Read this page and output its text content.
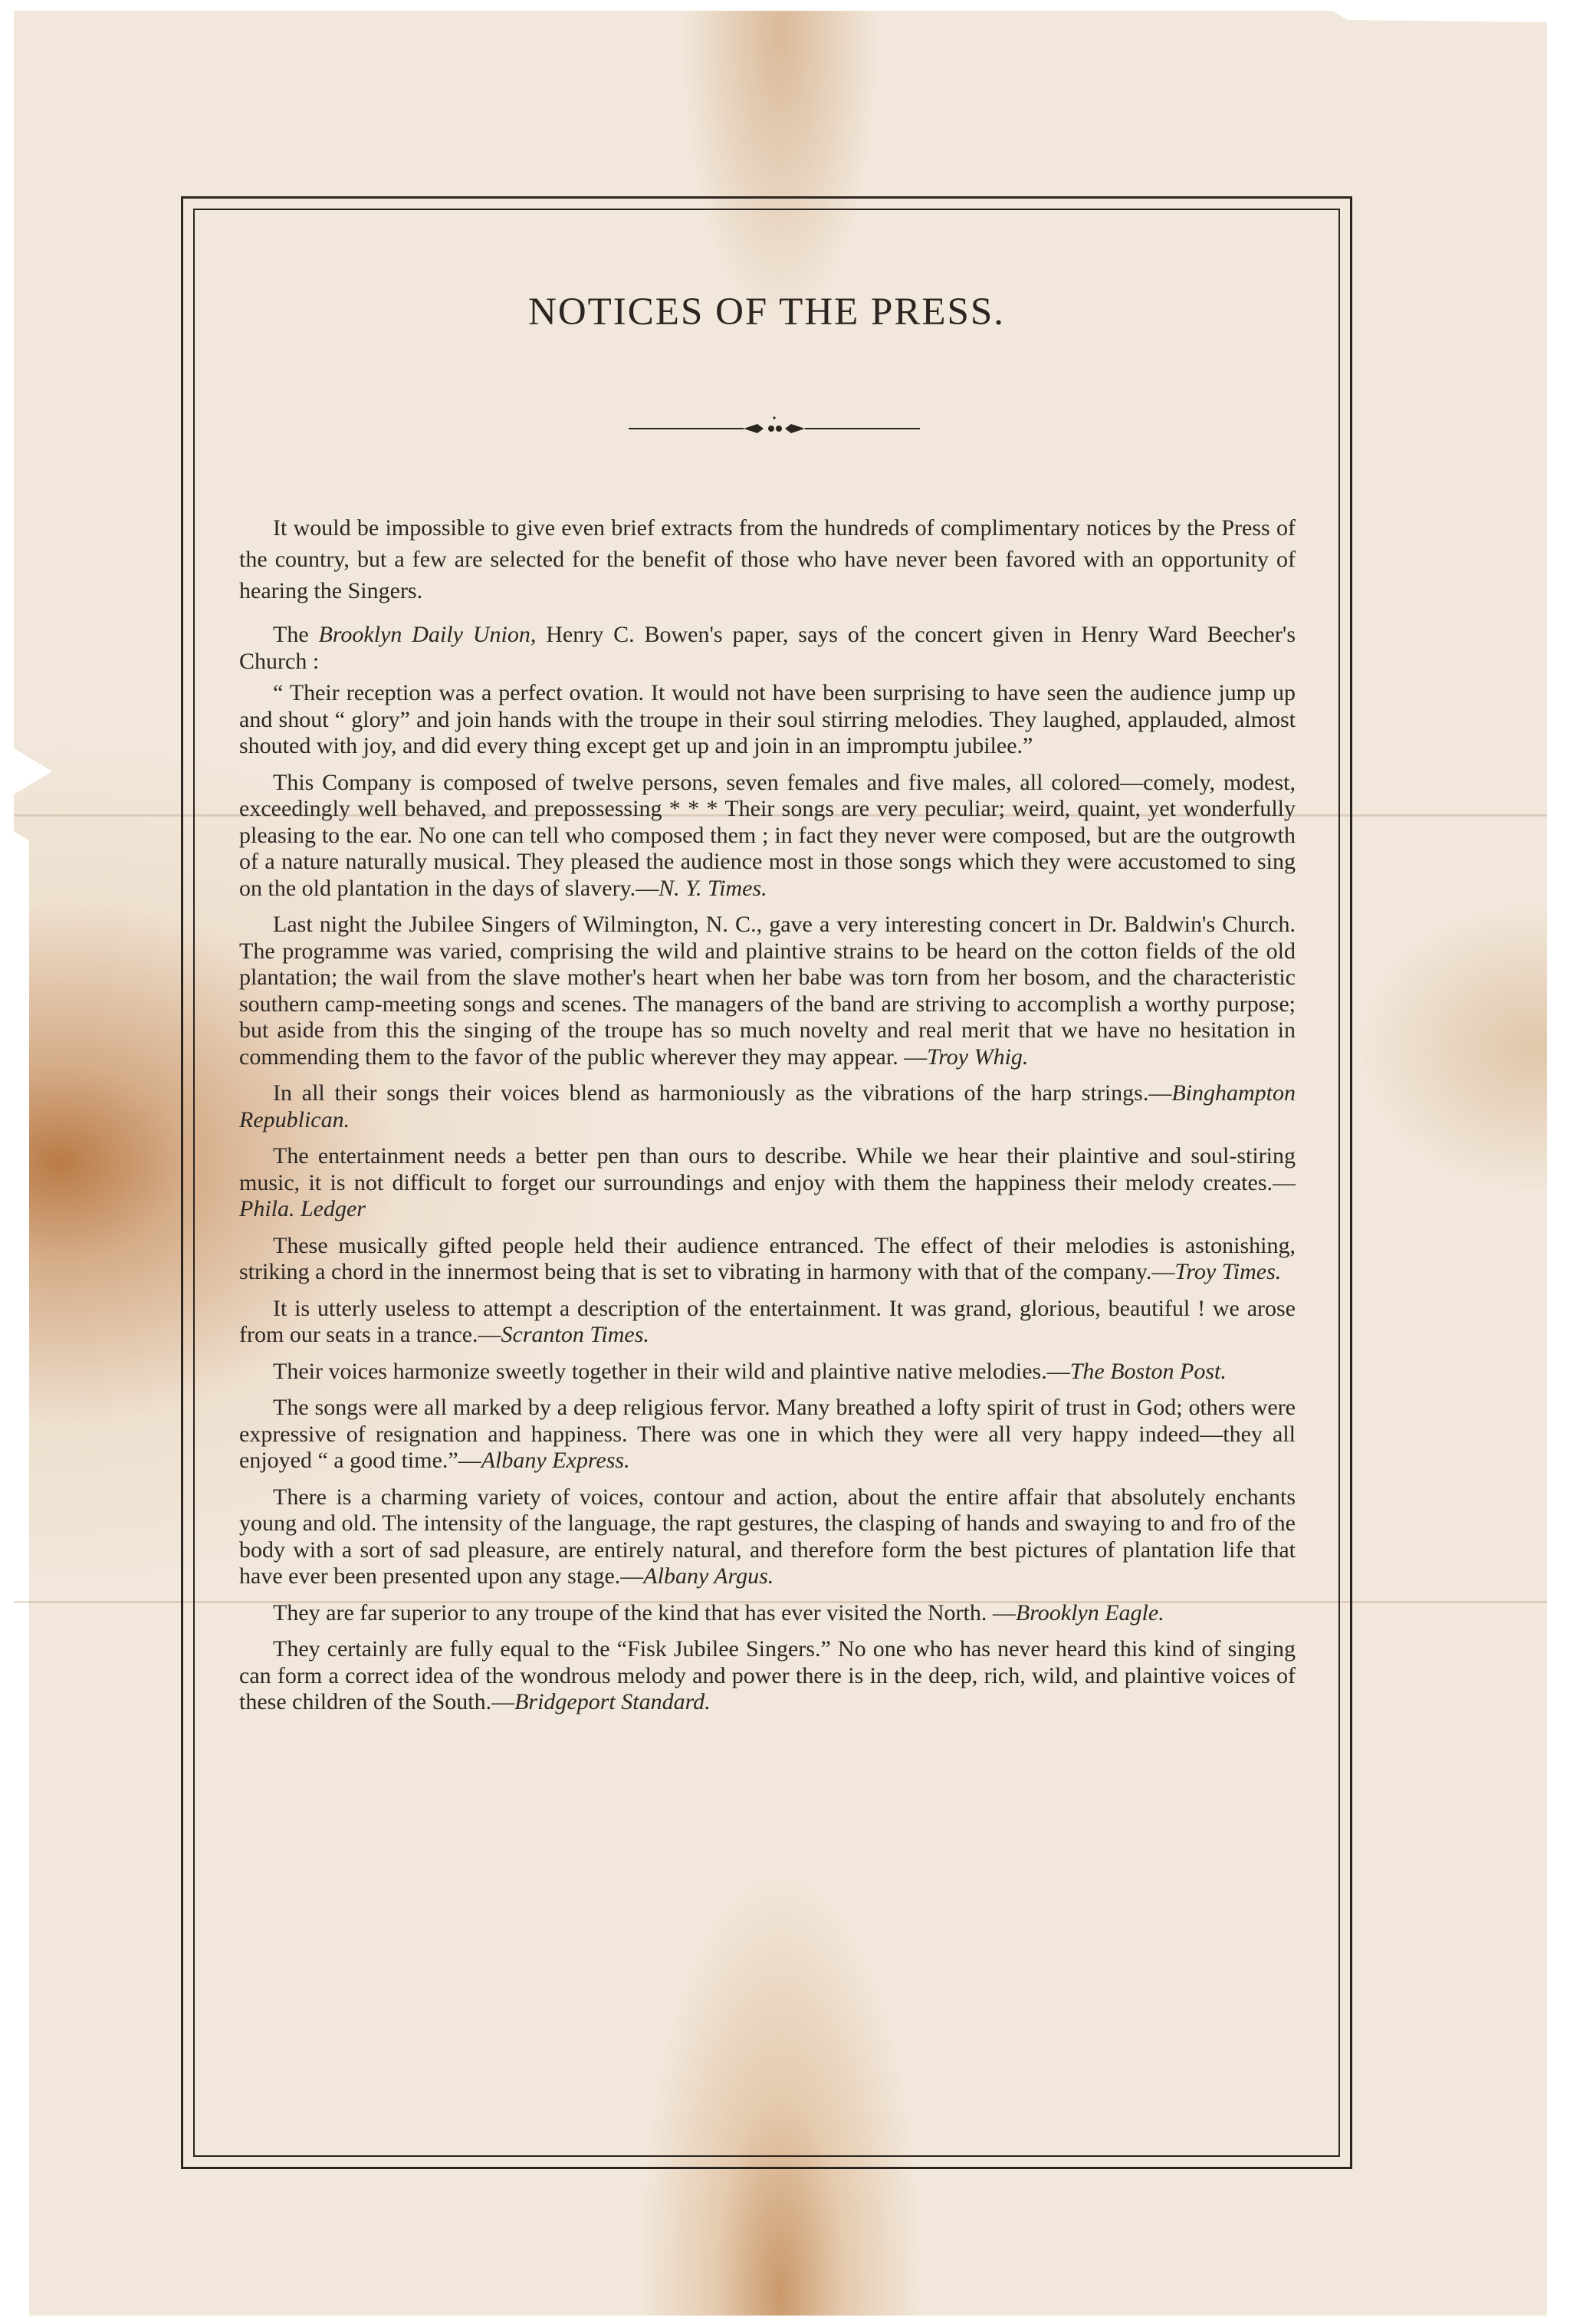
NOTICES OF THE PRESS.

It would be impossible to give even brief extracts from the hundreds of complimentary notices by the Press of the country, but a few are selected for the benefit of those who have never been favored with an opportunity of hearing the Singers.

The Brooklyn Daily Union, Henry C. Bowen's paper, says of the concert given in Henry Ward Beecher's Church :

“ Their reception was a perfect ovation. It would not have been surprising to have seen the audience jump up and shout “ glory” and join hands with the troupe in their soul stirring melodies. They laughed, applauded, almost shouted with joy, and did every thing except get up and join in an impromptu jubilee.”

This Company is composed of twelve persons, seven females and five males, all colored—comely, modest, exceedingly well behaved, and prepossessing * * * Their songs are very peculiar; weird, quaint, yet wonderfully pleasing to the ear. No one can tell who composed them ; in fact they never were composed, but are the outgrowth of a nature naturally musical. They pleased the audience most in those songs which they were accustomed to sing on the old plantation in the days of slavery.—N. Y. Times.

Last night the Jubilee Singers of Wilmington, N. C., gave a very interesting concert in Dr. Baldwin's Church. The programme was varied, comprising the wild and plaintive strains to be heard on the cotton fields of the old plantation; the wail from the slave mother's heart when her babe was torn from her bosom, and the characteristic southern camp-meeting songs and scenes. The managers of the band are striving to accomplish a worthy purpose; but aside from this the singing of the troupe has so much novelty and real merit that we have no hesitation in commending them to the favor of the public wherever they may appear. —Troy Whig.

In all their songs their voices blend as harmoniously as the vibrations of the harp strings.—Binghampton Republican.

The entertainment needs a better pen than ours to describe. While we hear their plaintive and soul-stiring music, it is not difficult to forget our surroundings and enjoy with them the happiness their melody creates.—Phila. Ledger

These musically gifted people held their audience entranced. The effect of their melodies is astonishing, striking a chord in the innermost being that is set to vibrating in harmony with that of the company.—Troy Times.

It is utterly useless to attempt a description of the entertainment. It was grand, glorious, beautiful ! we arose from our seats in a trance.—Scranton Times.

Their voices harmonize sweetly together in their wild and plaintive native melodies.—The Boston Post.

The songs were all marked by a deep religious fervor. Many breathed a lofty spirit of trust in God; others were expressive of resignation and happiness. There was one in which they were all very happy indeed—they all enjoyed “ a good time.”—Albany Express.

There is a charming variety of voices, contour and action, about the entire affair that absolutely enchants young and old. The intensity of the language, the rapt gestures, the clasping of hands and swaying to and fro of the body with a sort of sad pleasure, are entirely natural, and therefore form the best pictures of plantation life that have ever been presented upon any stage.—Albany Argus.

They are far superior to any troupe of the kind that has ever visited the North. —Brooklyn Eagle.

They certainly are fully equal to the “Fisk Jubilee Singers.” No one who has never heard this kind of singing can form a correct idea of the wondrous melody and power there is in the deep, rich, wild, and plaintive voices of these children of the South.—Bridgeport Standard.
